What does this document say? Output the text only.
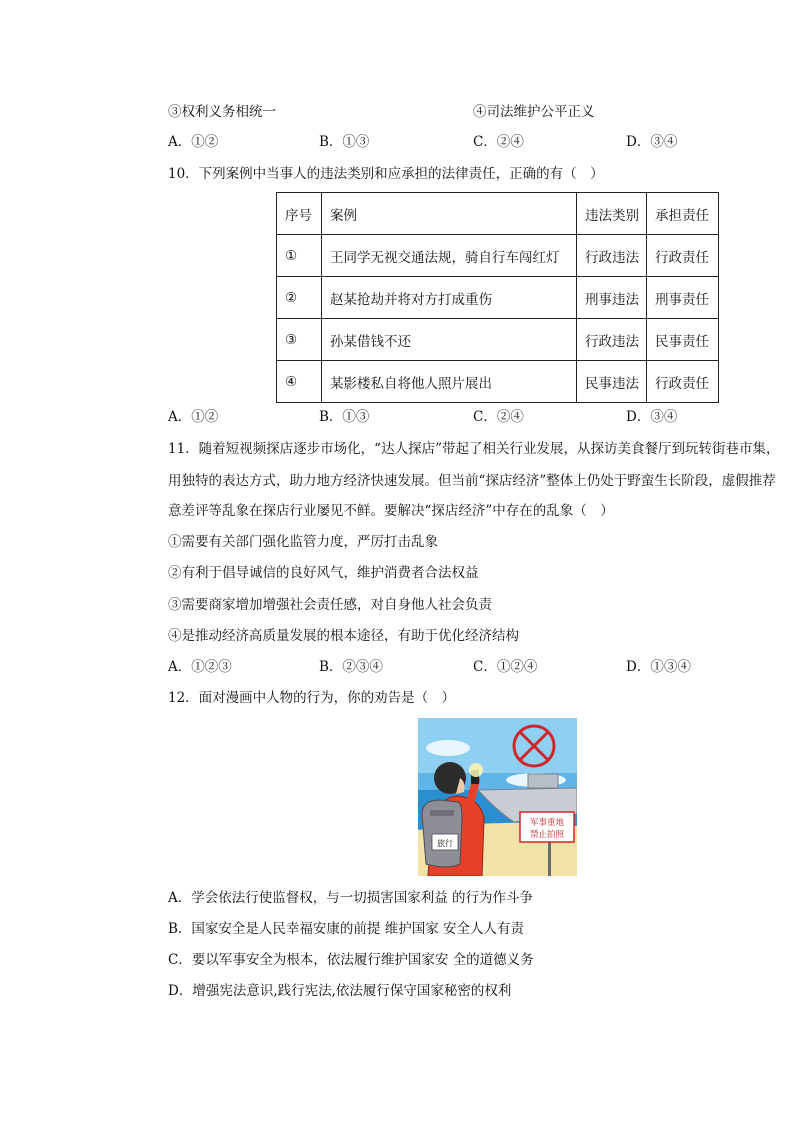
③权利义务相统一	④司法维护公平正义
A．①②	B．①③	C．②④	D．③④
10．下列案例中当事人的违法类别和应承担的法律责任，正确的有（　）
序号	案例	违法类别	承担责任
①	王同学无视交通法规，骑自行车闯红灯	行政违法	行政责任
②	赵某抢劫并将对方打成重伤	刑事违法	刑事责任
③	孙某借钱不还	行政违法	民事责任
④	某影楼私自将他人照片展出	民事违法	行政责任
A．①②	B．①③	C．②④	D．③④
11．随着短视频探店逐步市场化，“达人探店”带起了相关行业发展，从探访美食餐厅到玩转街巷市集，
用独特的表达方式，助力地方经济快速发展。但当前“探店经济”整体上仍处于野蛮生长阶段，虚假推荐
意差评等乱象在探店行业屡见不鲜。要解决“探店经济”中存在的乱象（　）
①需要有关部门强化监管力度，严厉打击乱象
②有利于倡导诚信的良好风气，维护消费者合法权益
③需要商家增加增强社会责任感，对自身他人社会负责
④是推动经济高质量发展的根本途径，有助于优化经济结构
A．①②③	B．②③④	C．①②④	D．①③④
12．面对漫画中人物的行为，你的劝告是（　）
军事重地
禁止拍照
旅行
A．学会依法行使监督权，与一切损害国家利益 的行为作斗争
B．国家安全是人民幸福安康的前提 维护国家 安全人人有责
C．要以军事安全为根本，依法履行维护国家安 全的道德义务
D．增强宪法意识,践行宪法,依法履行保守国家秘密的权利
